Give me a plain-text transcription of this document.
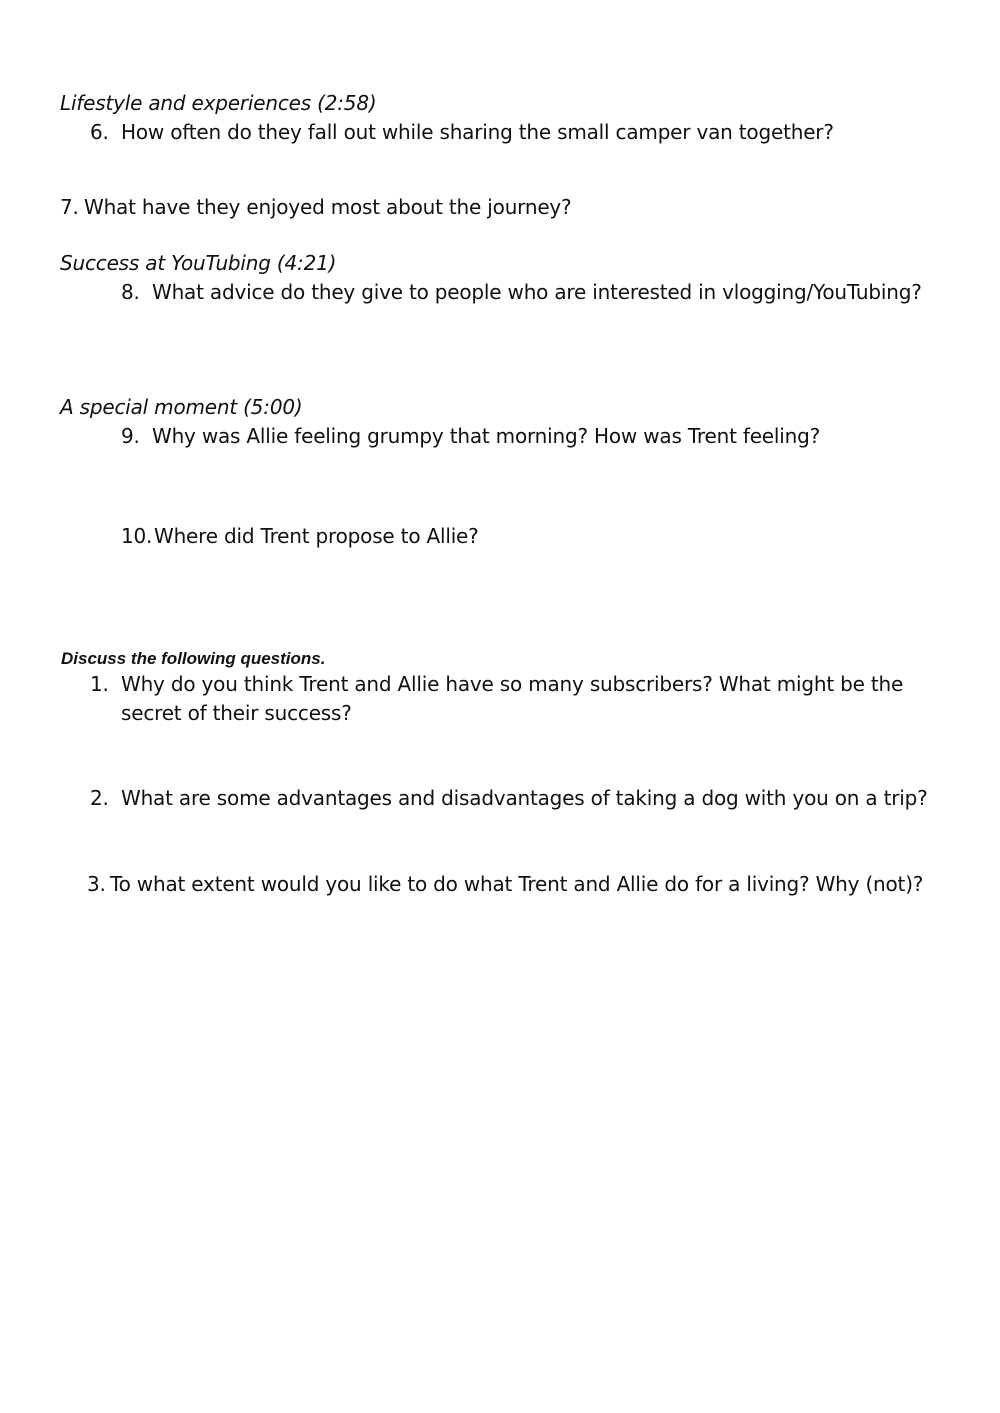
Lifestyle and experiences (2:58)
6. How often do they fall out while sharing the small camper van together?
7. What have they enjoyed most about the journey?
Success at YouTubing (4:21)
8. What advice do they give to people who are interested in vlogging/YouTubing?
A special moment (5:00)
9. Why was Allie feeling grumpy that morning? How was Trent feeling?
10. Where did Trent propose to Allie?
Discuss the following questions.
1. Why do you think Trent and Allie have so many subscribers? What might be the
secret of their success?
2. What are some advantages and disadvantages of taking a dog with you on a trip?
3. To what extent would you like to do what Trent and Allie do for a living? Why (not)?
